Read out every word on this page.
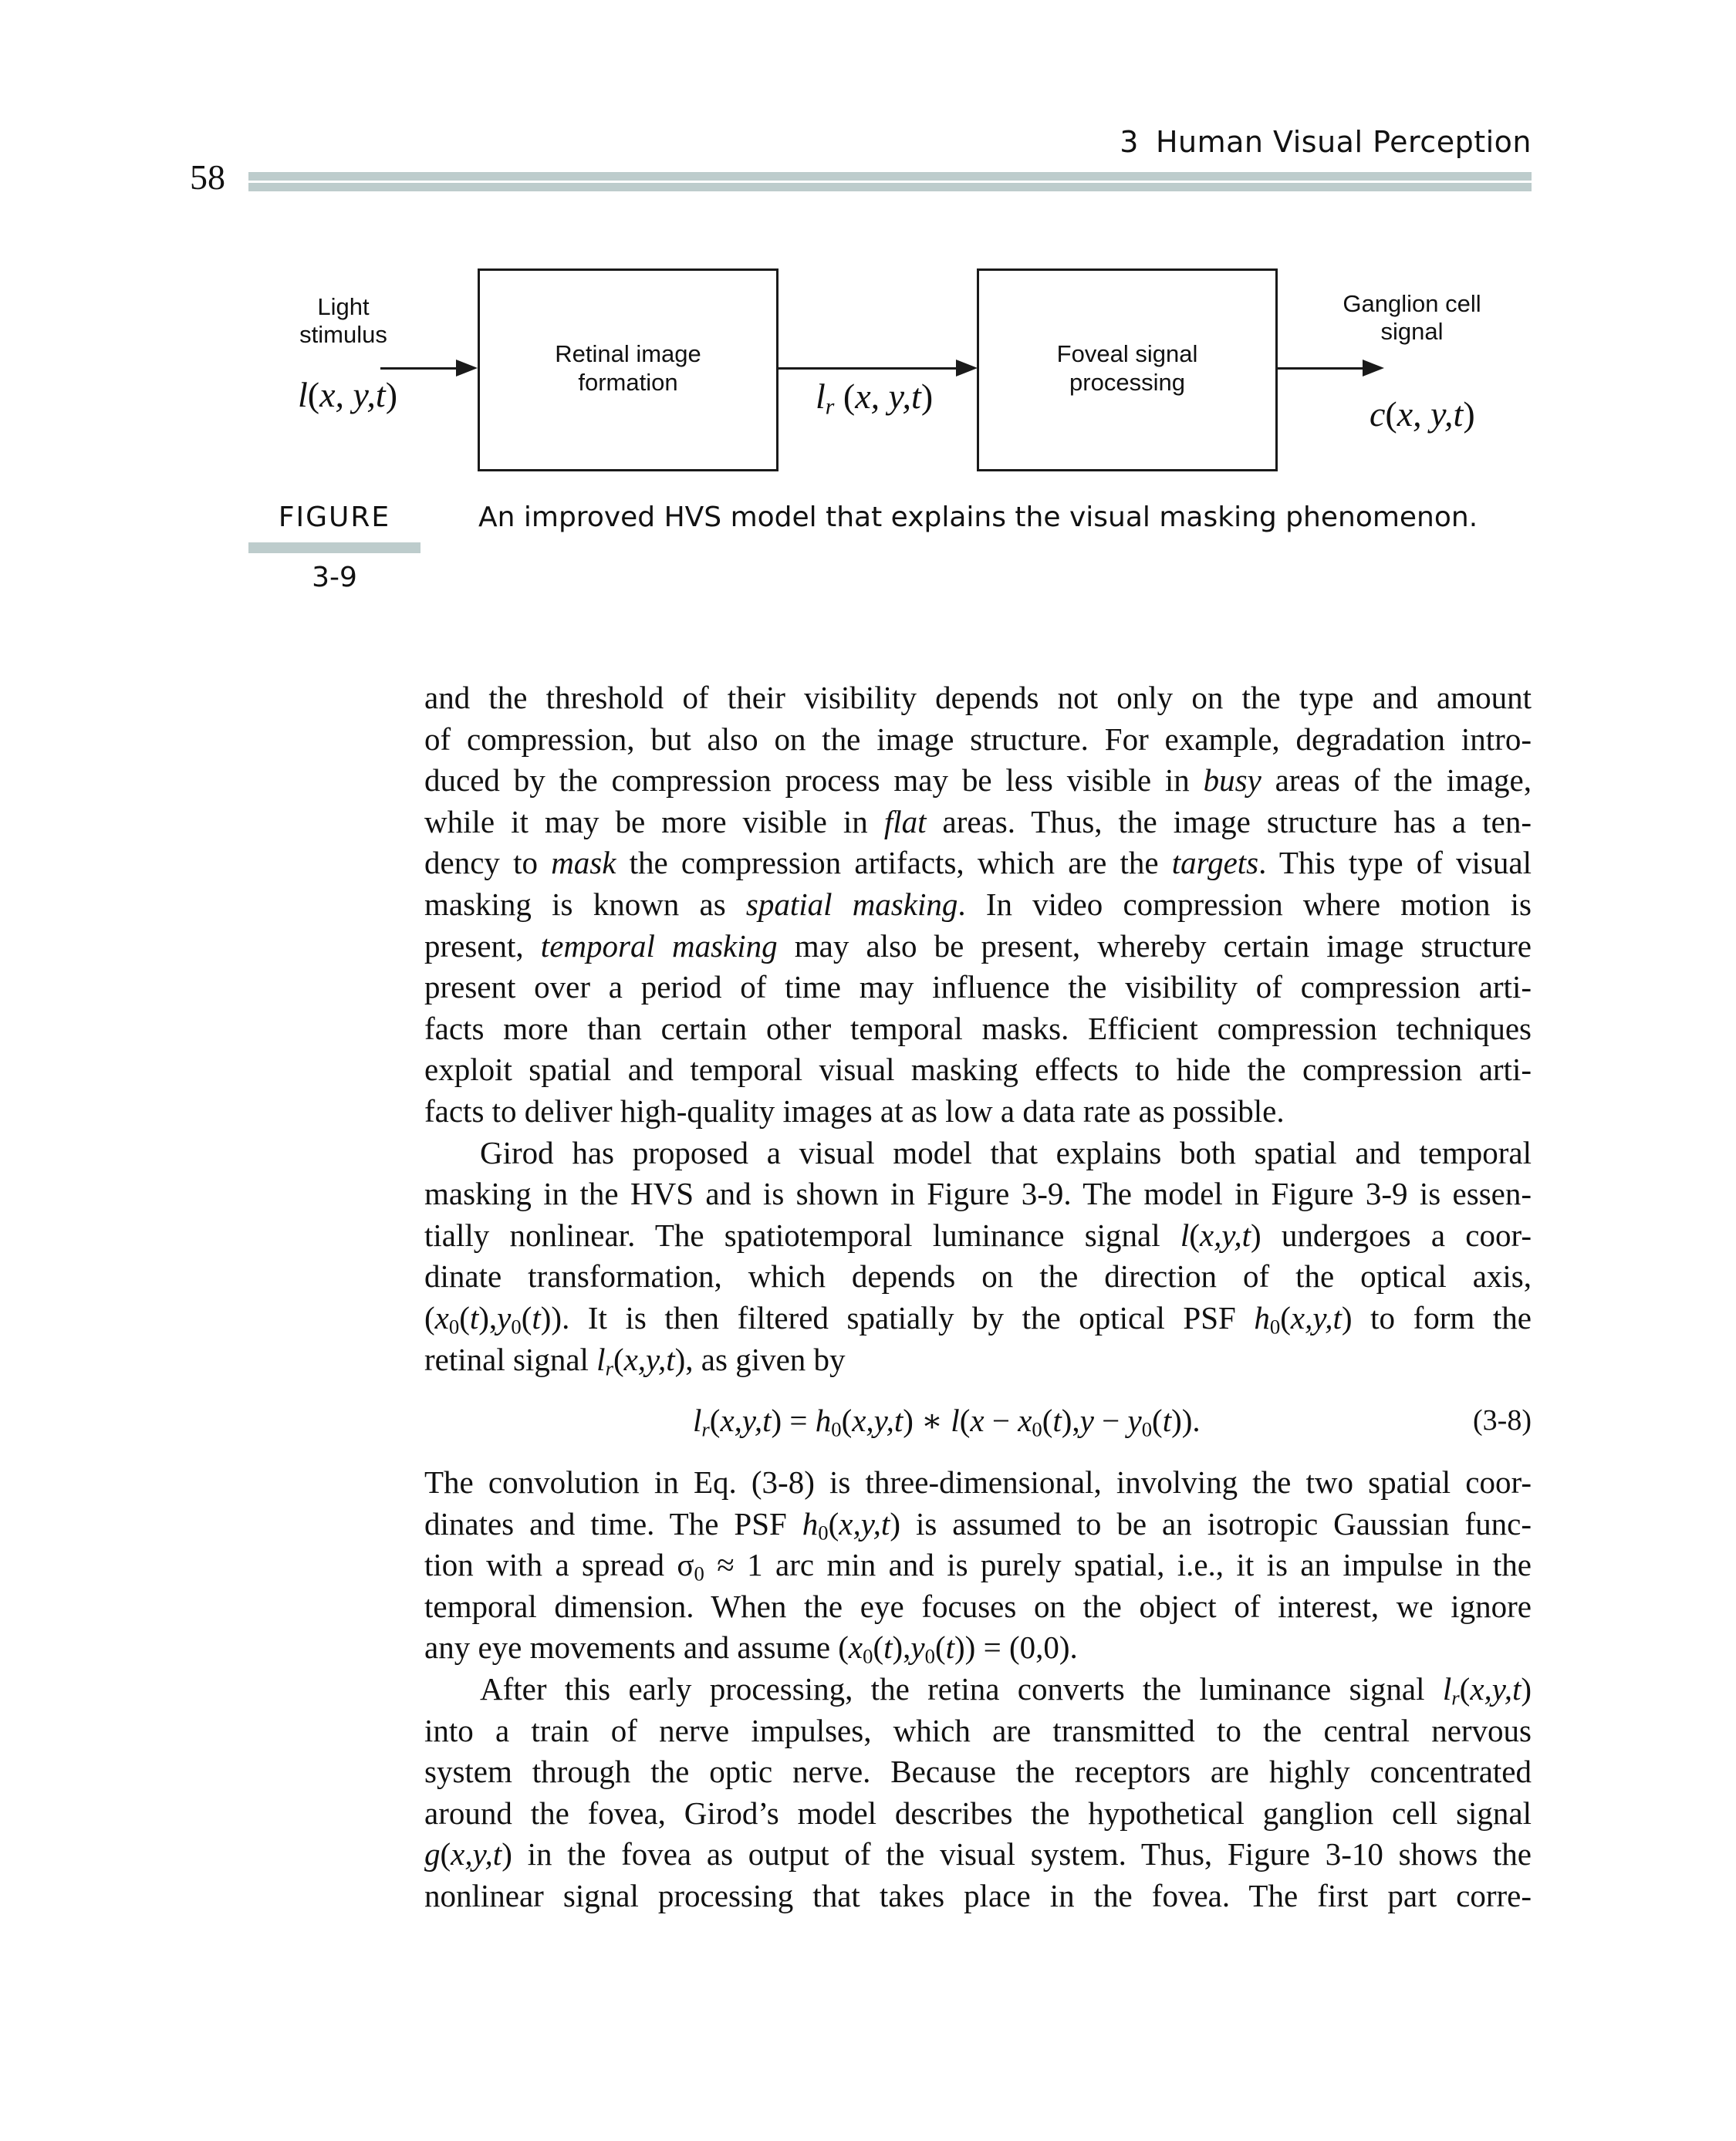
58
3 Human Visual Perception
Light
stimulus
l(x, y,t)
Retinal image
formation	$l_r$ (x, y,t)
Foveal signal
processing
Ganglion cell
signal
c(x, y,t)
FIGURE
3-9
An improved HVS model that explains the visual masking phenomenon.
and the threshold of their visibility depends not only on the type and amount
of compression, but also on the image structure. For example, degradation intro-
duced by the compression process may be less visible in busy areas of the image,
while it may be more visible in flat areas. Thus, the image structure has a ten-
dency to mask the compression artifacts, which are the targets. This type of visual
masking is known as spatial masking. In video compression where motion is
present, temporal masking may also be present, whereby certain image structure
present over a period of time may influence the visibility of compression arti-
facts more than certain other temporal masks. Efficient compression techniques
exploit spatial and temporal visual masking effects to hide the compression arti-
facts to deliver high-quality images at as low a data rate as possible.
Girod has proposed a visual model that explains both spatial and temporal
masking in the HVS and is shown in Figure 3-9. The model in Figure 3-9 is essen-
tially nonlinear. The spatiotemporal luminance signal l(x,y,t) undergoes a coor-
dinate transformation, which depends on the direction of the optical axis,
$(x_0(t),y_0(t))$. It is then filtered spatially by the optical PSF $h_0(x,y,t)$ to form the
retinal signal $l_r(x,y,t)$, as given by
$l_r(x,y,t) = h_0(x,y,t)$ ∗ $l(x - x_0(t),y - y_0(t))$.	(3-8)
The convolution in Eq. (3-8) is three-dimensional, involving the two spatial coor-
dinates and time. The PSF $h_0(x,y,t)$ is assumed to be an isotropic Gaussian func-
tion with a spread $\sigma_0 \approx 1$ arc min and is purely spatial, i.e., it is an impulse in the
temporal dimension. When the eye focuses on the object of interest, we ignore
any eye movements and assume $(x_0(t),y_0(t)) = (0,0)$.
After this early processing, the retina converts the luminance signal $l_r(x,y,t)$
into a train of nerve impulses, which are transmitted to the central nervous
system through the optic nerve. Because the receptors are highly concentrated
around the fovea, Girod’s model describes the hypothetical ganglion cell signal
g(x,y,t) in the fovea as output of the visual system. Thus, Figure 3-10 shows the
nonlinear signal processing that takes place in the fovea. The first part corre-
